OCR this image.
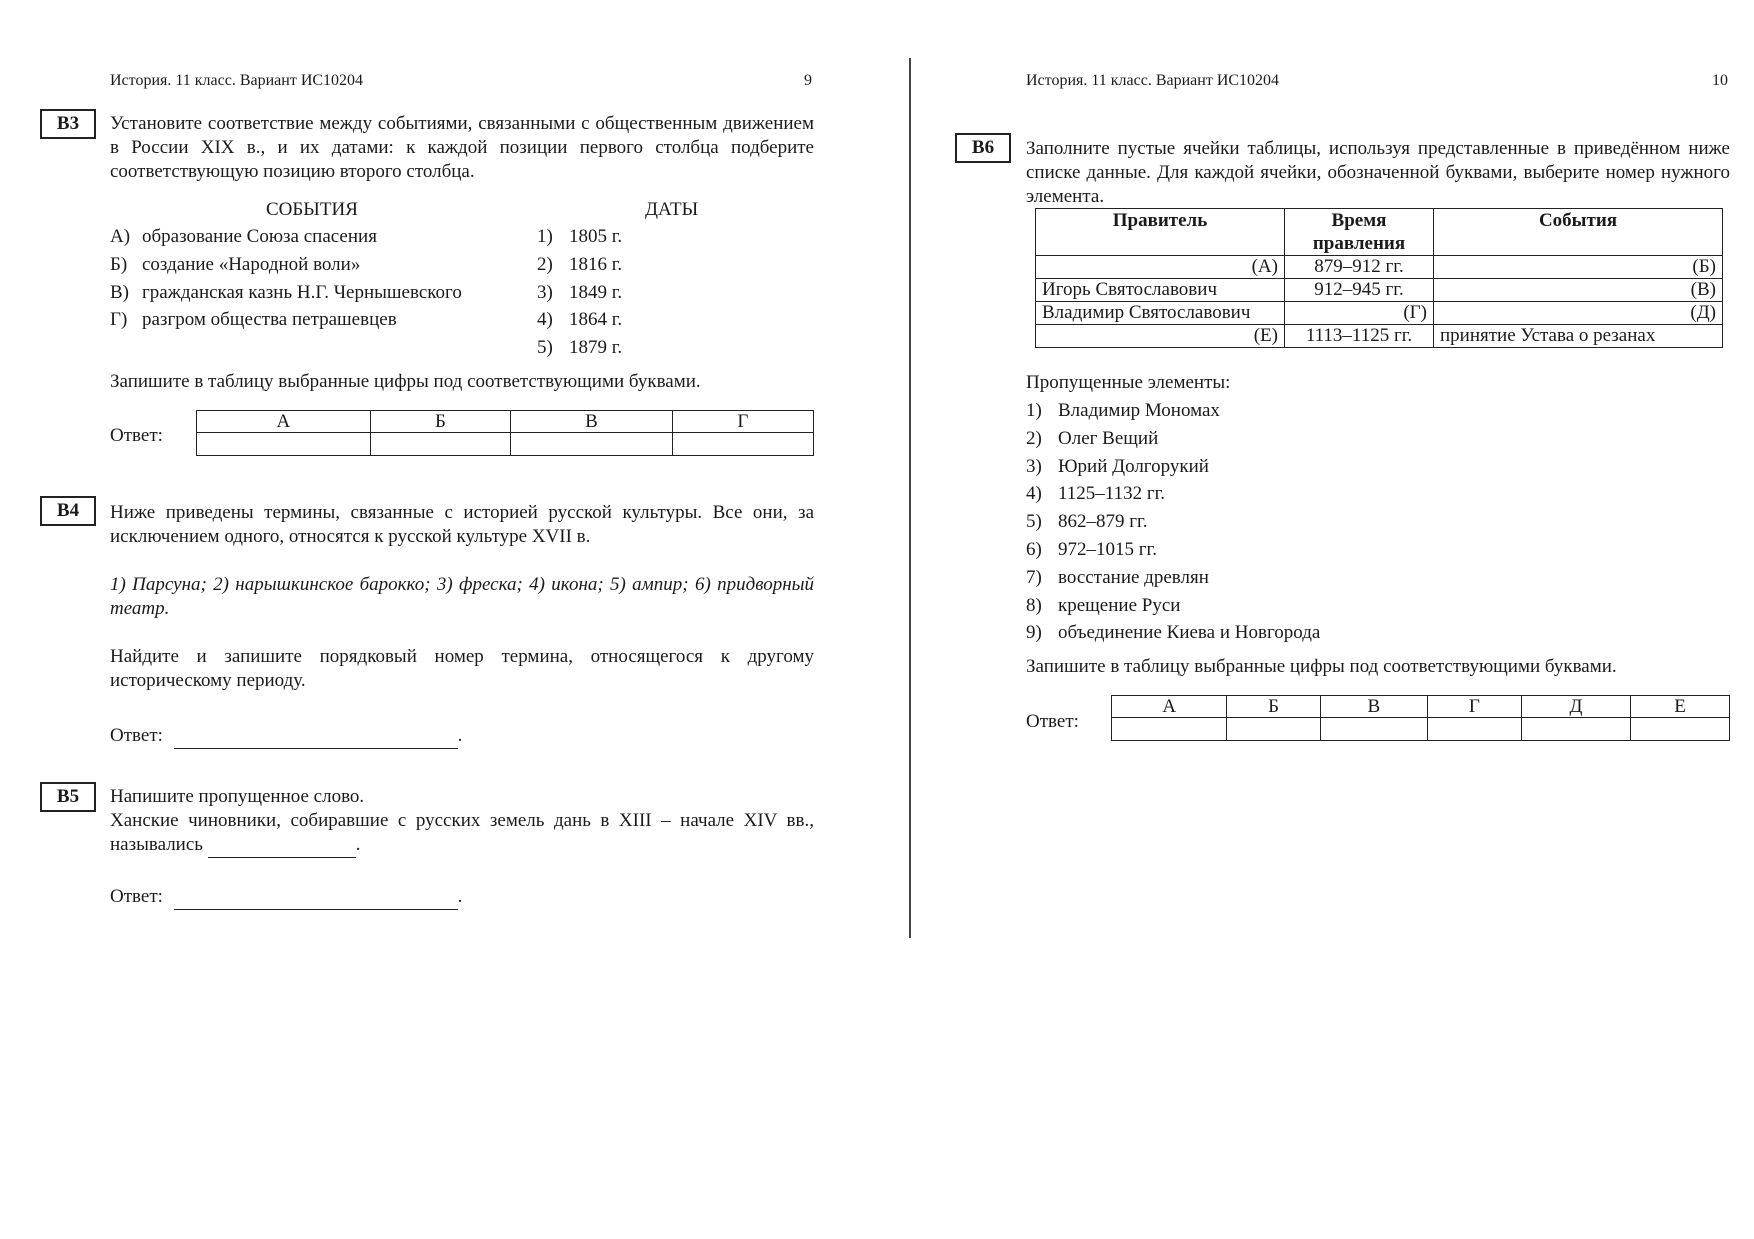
История. 11 класс. Вариант ИС10204	9
B3	Установите соответствие между событиями, связанными с общественным движением в России XIX в., и их датами: к каждой позиции первого столбца подберите соответствующую позицию второго столбца.
СОБЫТИЯ	ДАТЫ
А) образование Союза спасения
Б) создание «Народной воли»
В) гражданская казнь Н.Г. Чернышевского
Г) разгром общества петрашевцев
1) 1805 г.
2) 1816 г.
3) 1849 г.
4) 1864 г.
5) 1879 г.
Запишите в таблицу выбранные цифры под соответствующими буквами.
Ответ:
А	Б	В	Г

B4	Ниже приведены термины, связанные с историей русской культуры. Все они, за исключением одного, относятся к русской культуре XVII в.
1) Парсуна; 2) нарышкинское барокко; 3) фреска; 4) икона; 5) ампир; 6) придворный театр.
Найдите и запишите порядковый номер термина, относящегося к другому историческому периоду.
Ответ:	.
B5	Напишите пропущенное слово.
Ханские чиновники, собиравшие с русских земель дань в XIII – начале XIV вв., назывались	.
Ответ:	.
История. 11 класс. Вариант ИС10204	10
B6	Заполните пустые ячейки таблицы, используя представленные в приведённом ниже списке данные. Для каждой ячейки, обозначенной буквами, выберите номер нужного элемента.
Правитель	Время правления	События
(А)	879–912 гг.	(Б)
Игорь Святославович	912–945 гг.	(В)
Владимир Святославович	(Г)	(Д)
(Е)	1113–1125 гг.	принятие Устава о резанах
Пропущенные элементы:
1) Владимир Мономах
2) Олег Вещий
3) Юрий Долгорукий
4) 1125–1132 гг.
5) 862–879 гг.
6) 972–1015 гг.
7) восстание древлян
8) крещение Руси
9) объединение Киева и Новгорода
Запишите в таблицу выбранные цифры под соответствующими буквами.
Ответ:
А	Б	В	Г	Д	Е
